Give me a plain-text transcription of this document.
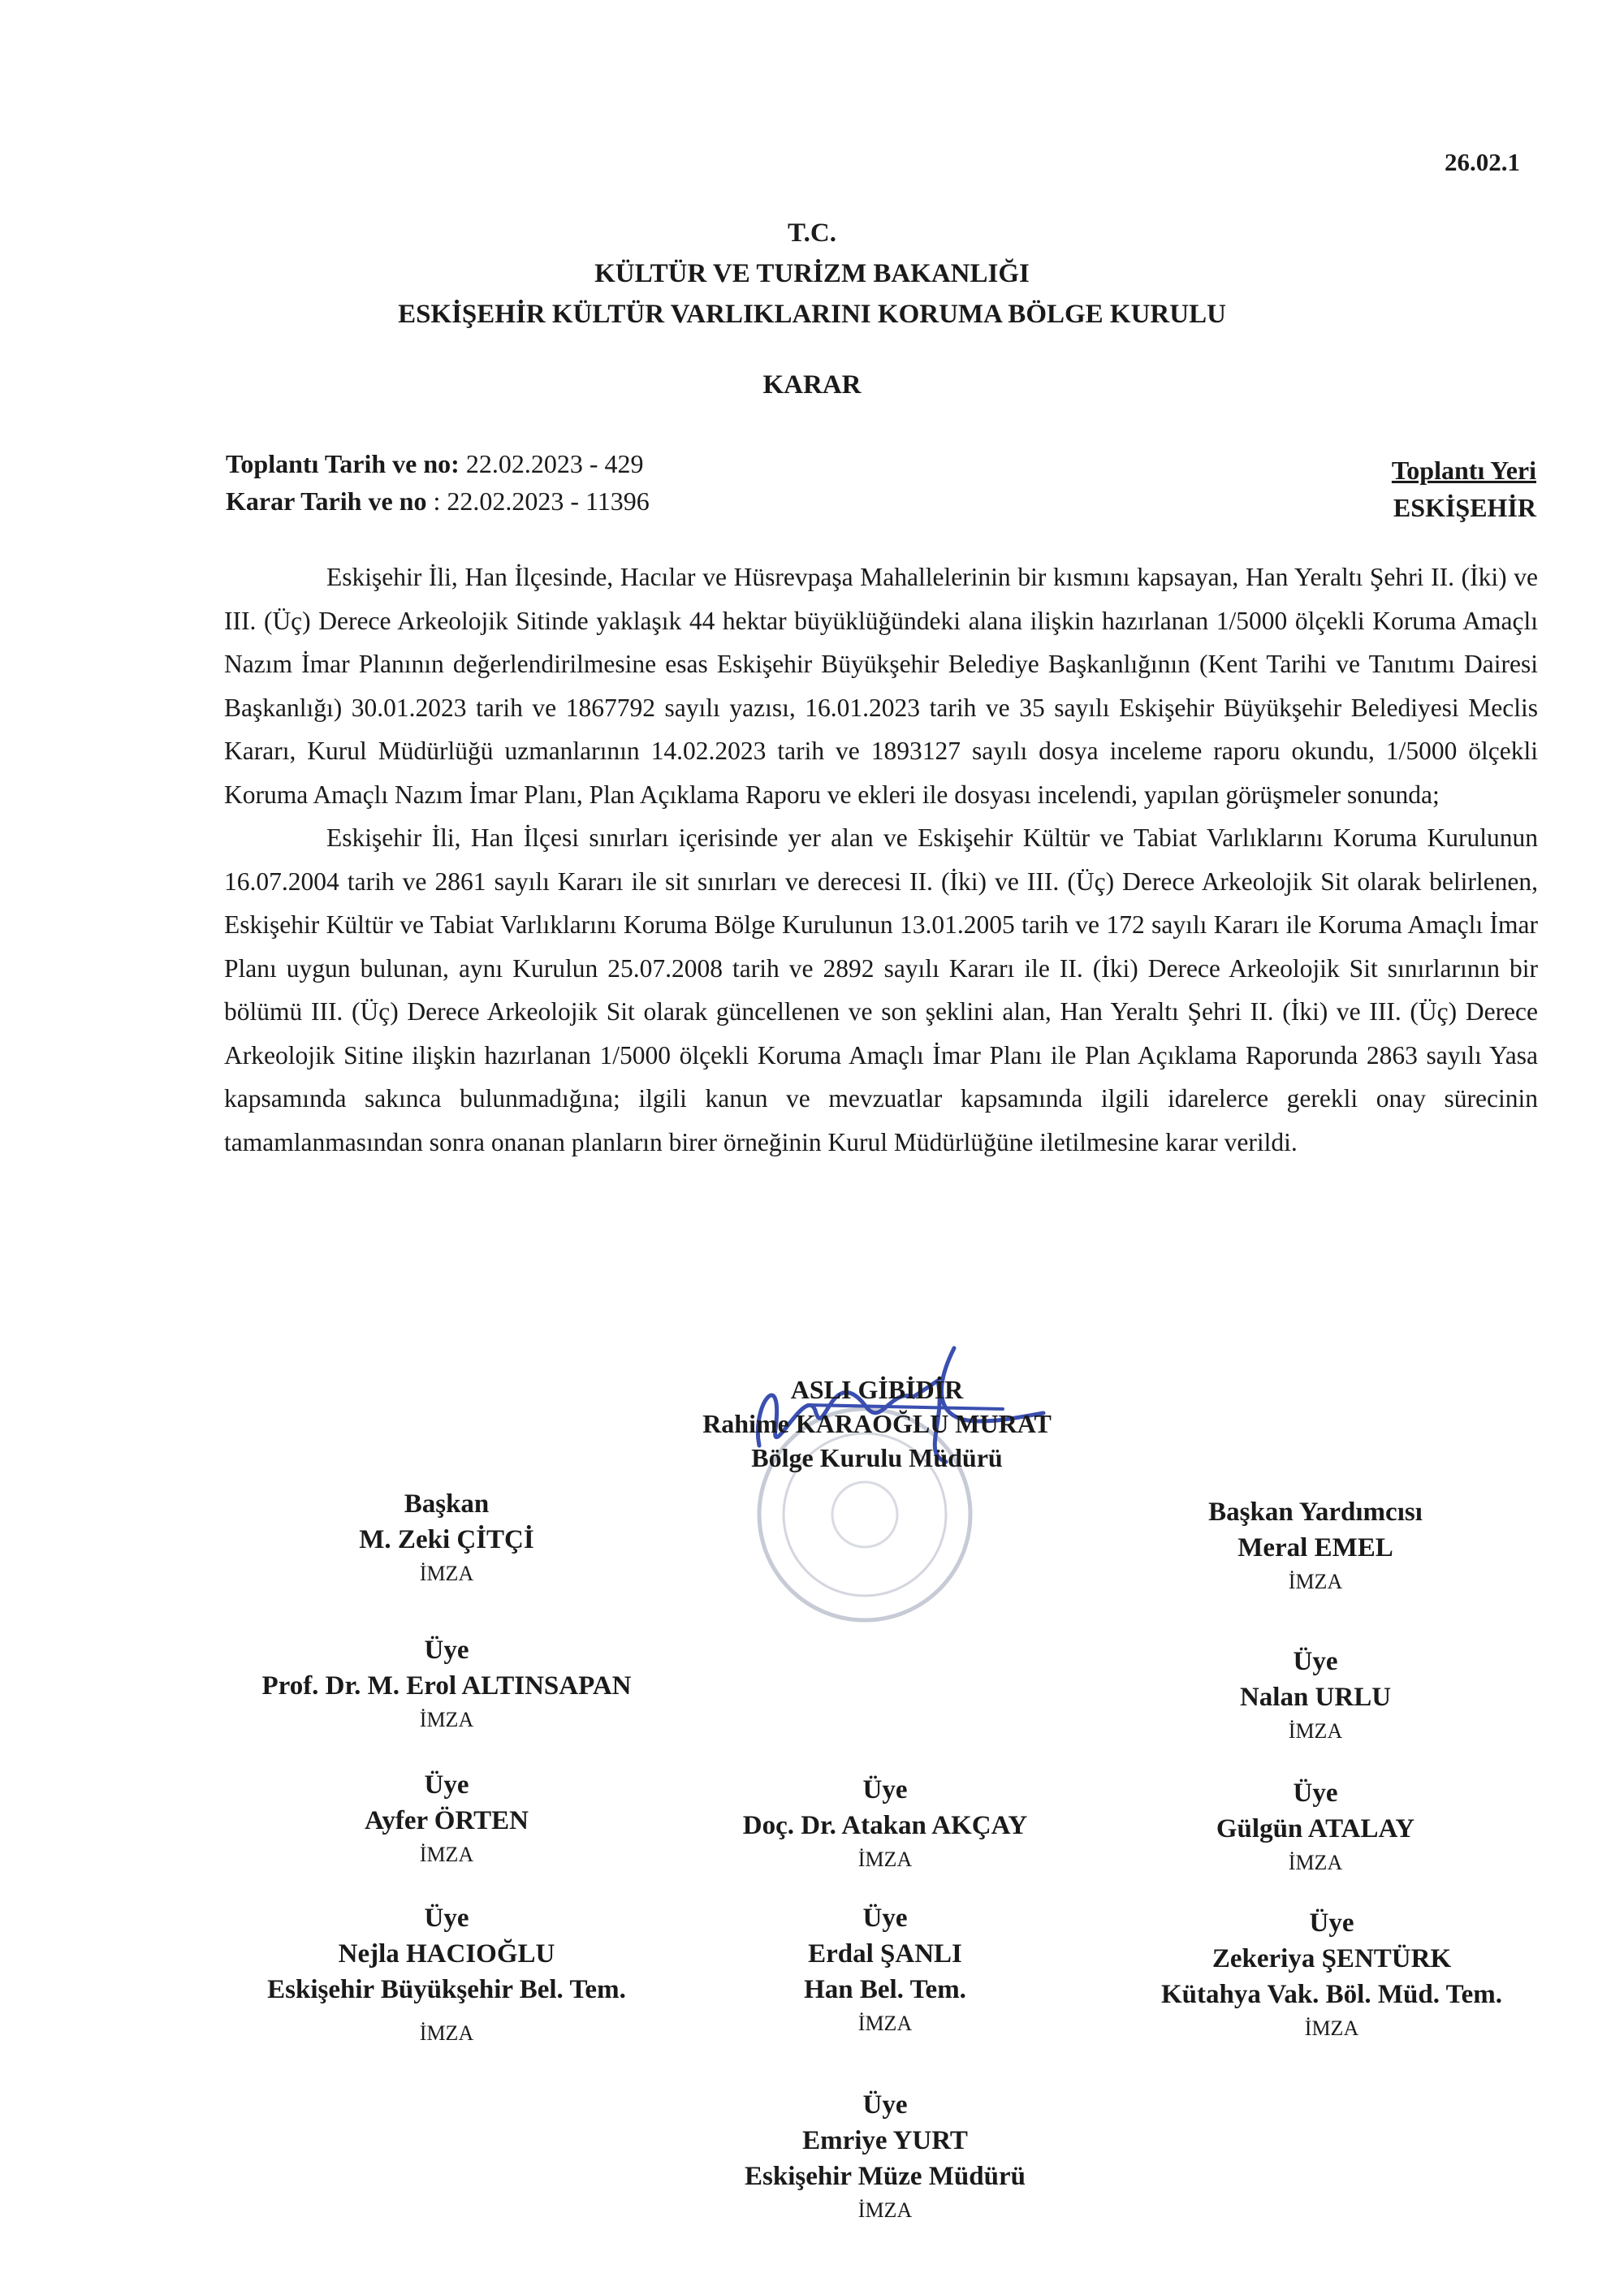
26.02.1
T.C.
KÜLTÜR VE TURİZM BAKANLIĞI
ESKİŞEHİR KÜLTÜR VARLIKLARINI KORUMA BÖLGE KURULU
KARAR
Toplantı Tarih ve no: 22.02.2023 - 429
Karar Tarih ve no : 22.02.2023 - 11396
Toplantı Yeri
ESKİŞEHİR

Eskişehir İli, Han İlçesinde, Hacılar ve Hüsrevpaşa Mahallelerinin bir kısmını kapsayan, Han Yeraltı Şehri II. (İki) ve III. (Üç) Derece Arkeolojik Sitinde yaklaşık 44 hektar büyüklüğündeki alana ilişkin hazırlanan 1/5000 ölçekli Koruma Amaçlı Nazım İmar Planının değerlendirilmesine esas Eskişehir Büyükşehir Belediye Başkanlığının (Kent Tarihi ve Tanıtımı Dairesi Başkanlığı) 30.01.2023 tarih ve 1867792 sayılı yazısı, 16.01.2023 tarih ve 35 sayılı Eskişehir Büyükşehir Belediyesi Meclis Kararı, Kurul Müdürlüğü uzmanlarının 14.02.2023 tarih ve 1893127 sayılı dosya inceleme raporu okundu, 1/5000 ölçekli Koruma Amaçlı Nazım İmar Planı, Plan Açıklama Raporu ve ekleri ile dosyası incelendi, yapılan görüşmeler sonunda;

Eskişehir İli, Han İlçesi sınırları içerisinde yer alan ve Eskişehir Kültür ve Tabiat Varlıklarını Koruma Kurulunun 16.07.2004 tarih ve 2861 sayılı Kararı ile sit sınırları ve derecesi II. (İki) ve III. (Üç) Derece Arkeolojik Sit olarak belirlenen, Eskişehir Kültür ve Tabiat Varlıklarını Koruma Bölge Kurulunun 13.01.2005 tarih ve 172 sayılı Kararı ile Koruma Amaçlı İmar Planı uygun bulunan, aynı Kurulun 25.07.2008 tarih ve 2892 sayılı Kararı ile II. (İki) Derece Arkeolojik Sit sınırlarının bir bölümü III. (Üç) Derece Arkeolojik Sit olarak güncellenen ve son şeklini alan, Han Yeraltı Şehri II. (İki) ve III. (Üç) Derece Arkeolojik Sitine ilişkin hazırlanan 1/5000 ölçekli Koruma Amaçlı İmar Planı ile Plan Açıklama Raporunda 2863 sayılı Yasa kapsamında sakınca bulunmadığına; ilgili kanun ve mevzuatlar kapsamında ilgili idarelerce gerekli onay sürecinin tamamlanmasından sonra onanan planların birer örneğinin Kurul Müdürlüğüne iletilmesine karar verildi.

ASLI GİBİDİR
Rahime KARAOĞLU MURAT
Bölge Kurulu Müdürü
Başkan
M. Zeki ÇİTÇİ
İMZA
Başkan Yardımcısı
Meral EMEL
İMZA
Üye
Prof. Dr. M. Erol ALTINSAPAN
İMZA
Üye
Nalan URLU
İMZA
Üye
Ayfer ÖRTEN
İMZA
Üye
Doç. Dr. Atakan AKÇAY
İMZA
Üye
Gülgün ATALAY
İMZA
Üye
Nejla HACIOĞLU
Eskişehir Büyükşehir Bel. Tem.
İMZA
Üye
Erdal ŞANLI
Han Bel. Tem.
İMZA
Üye
Zekeriya ŞENTÜRK
Kütahya Vak. Böl. Müd. Tem.
İMZA
Üye
Emriye YURT
Eskişehir Müze Müdürü
İMZA
